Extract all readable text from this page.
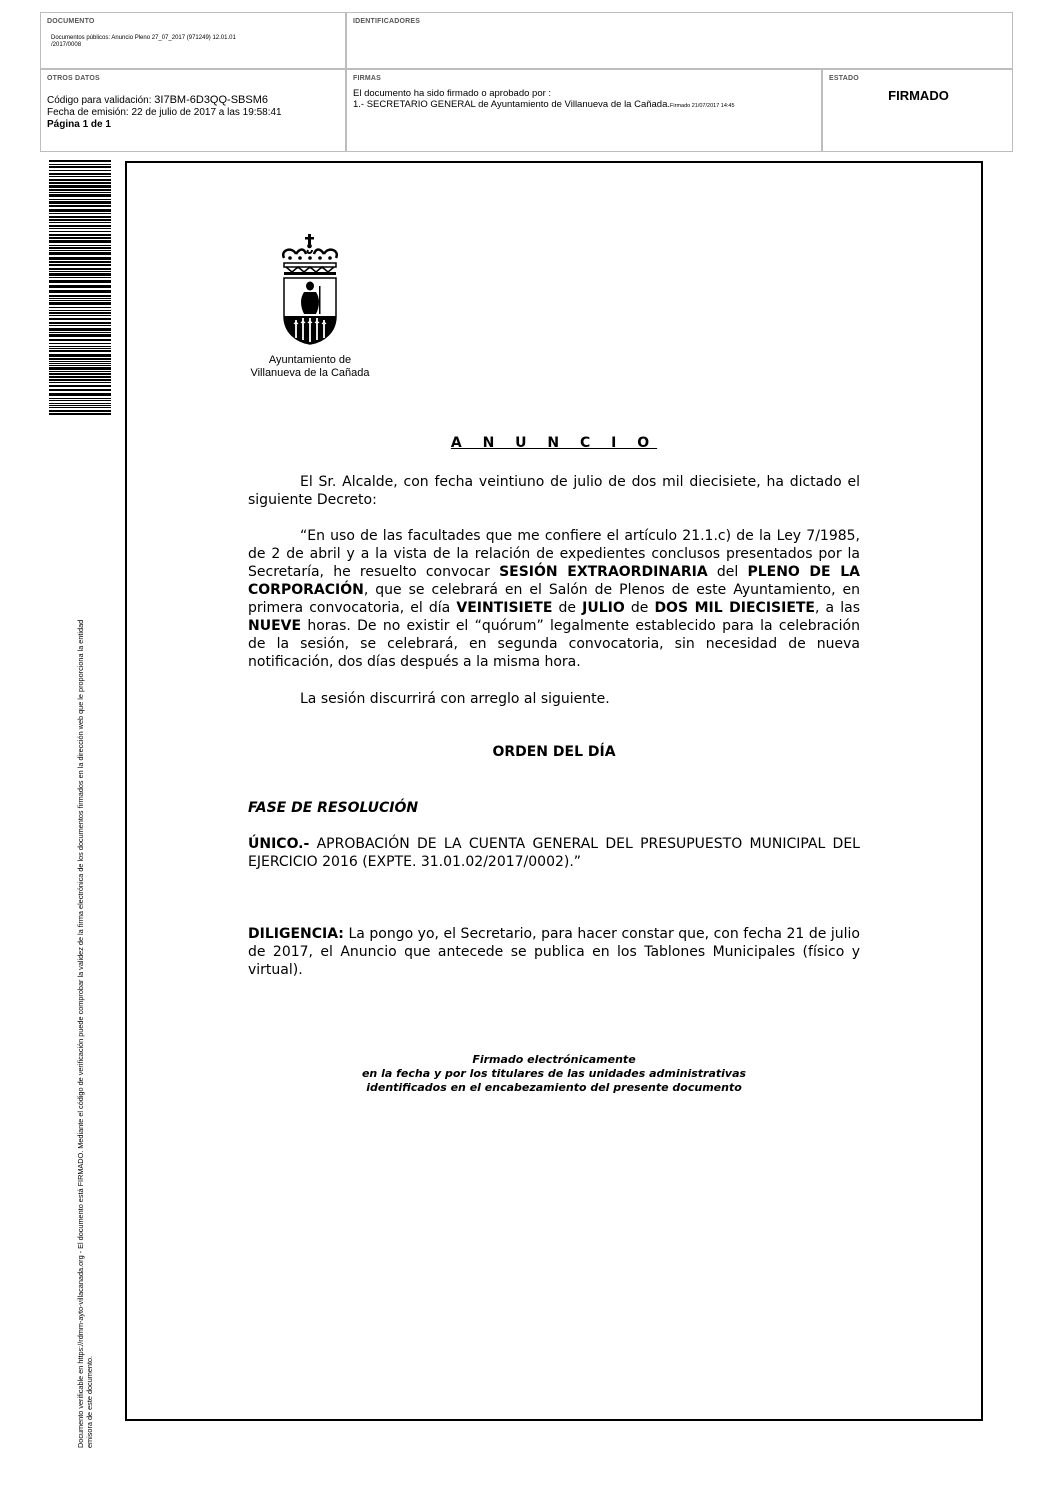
DOCUMENTO
Documentos públicos: Anuncio Pleno 27_07_2017 (971249) 12.01.01
/2017/0008
IDENTIFICADORES
OTROS DATOS
Código para validación: 3I7BM-6D3QQ-SBSM6
Fecha de emisión: 22 de julio de 2017 a las 19:58:41
Página 1 de 1
FIRMAS
El documento ha sido firmado o aprobado por :
1.- SECRETARIO GENERAL de Ayuntamiento de Villanueva de la Cañada.Firmado 21/07/2017 14:45
ESTADO
FIRMADO
Documento verificable en https://rdmm-ayto-villacanada.org - El documento está FIRMADO. Mediante el código de verificación puede comprobar la validez de la firma electrónica de los documentos firmados en la dirección web que le proporciona la entidad emisora de este documento.
Ayuntamiento de
Villanueva de la Cañada
A N U N C I O
El Sr. Alcalde, con fecha veintiuno de julio de dos mil diecisiete, ha dictado el siguiente Decreto:
“En uso de las facultades que me confiere el artículo 21.1.c) de la Ley 7/1985, de 2 de abril y a la vista de la relación de expedientes conclusos presentados por la Secretaría, he resuelto convocar SESIÓN EXTRAORDINARIA del PLENO DE LA CORPORACIÓN, que se celebrará en el Salón de Plenos de este Ayuntamiento, en primera convocatoria, el día VEINTISIETE de JULIO de DOS MIL DIECISIETE, a las NUEVE horas. De no existir el “quórum” legalmente establecido para la celebración de la sesión, se celebrará, en segunda convocatoria, sin necesidad de nueva notificación, dos días después a la misma hora.
La sesión discurrirá con arreglo al siguiente.
ORDEN DEL DÍA
FASE DE RESOLUCIÓN
ÚNICO.- APROBACIÓN DE LA CUENTA GENERAL DEL PRESUPUESTO MUNICIPAL DEL EJERCICIO 2016 (EXPTE. 31.01.02/2017/0002).”
DILIGENCIA: La pongo yo, el Secretario, para hacer constar que, con fecha 21 de julio de 2017, el Anuncio que antecede se publica en los Tablones Municipales (físico y virtual).
Firmado electrónicamente
en la fecha y por los titulares de las unidades administrativas
identificados en el encabezamiento del presente documento
